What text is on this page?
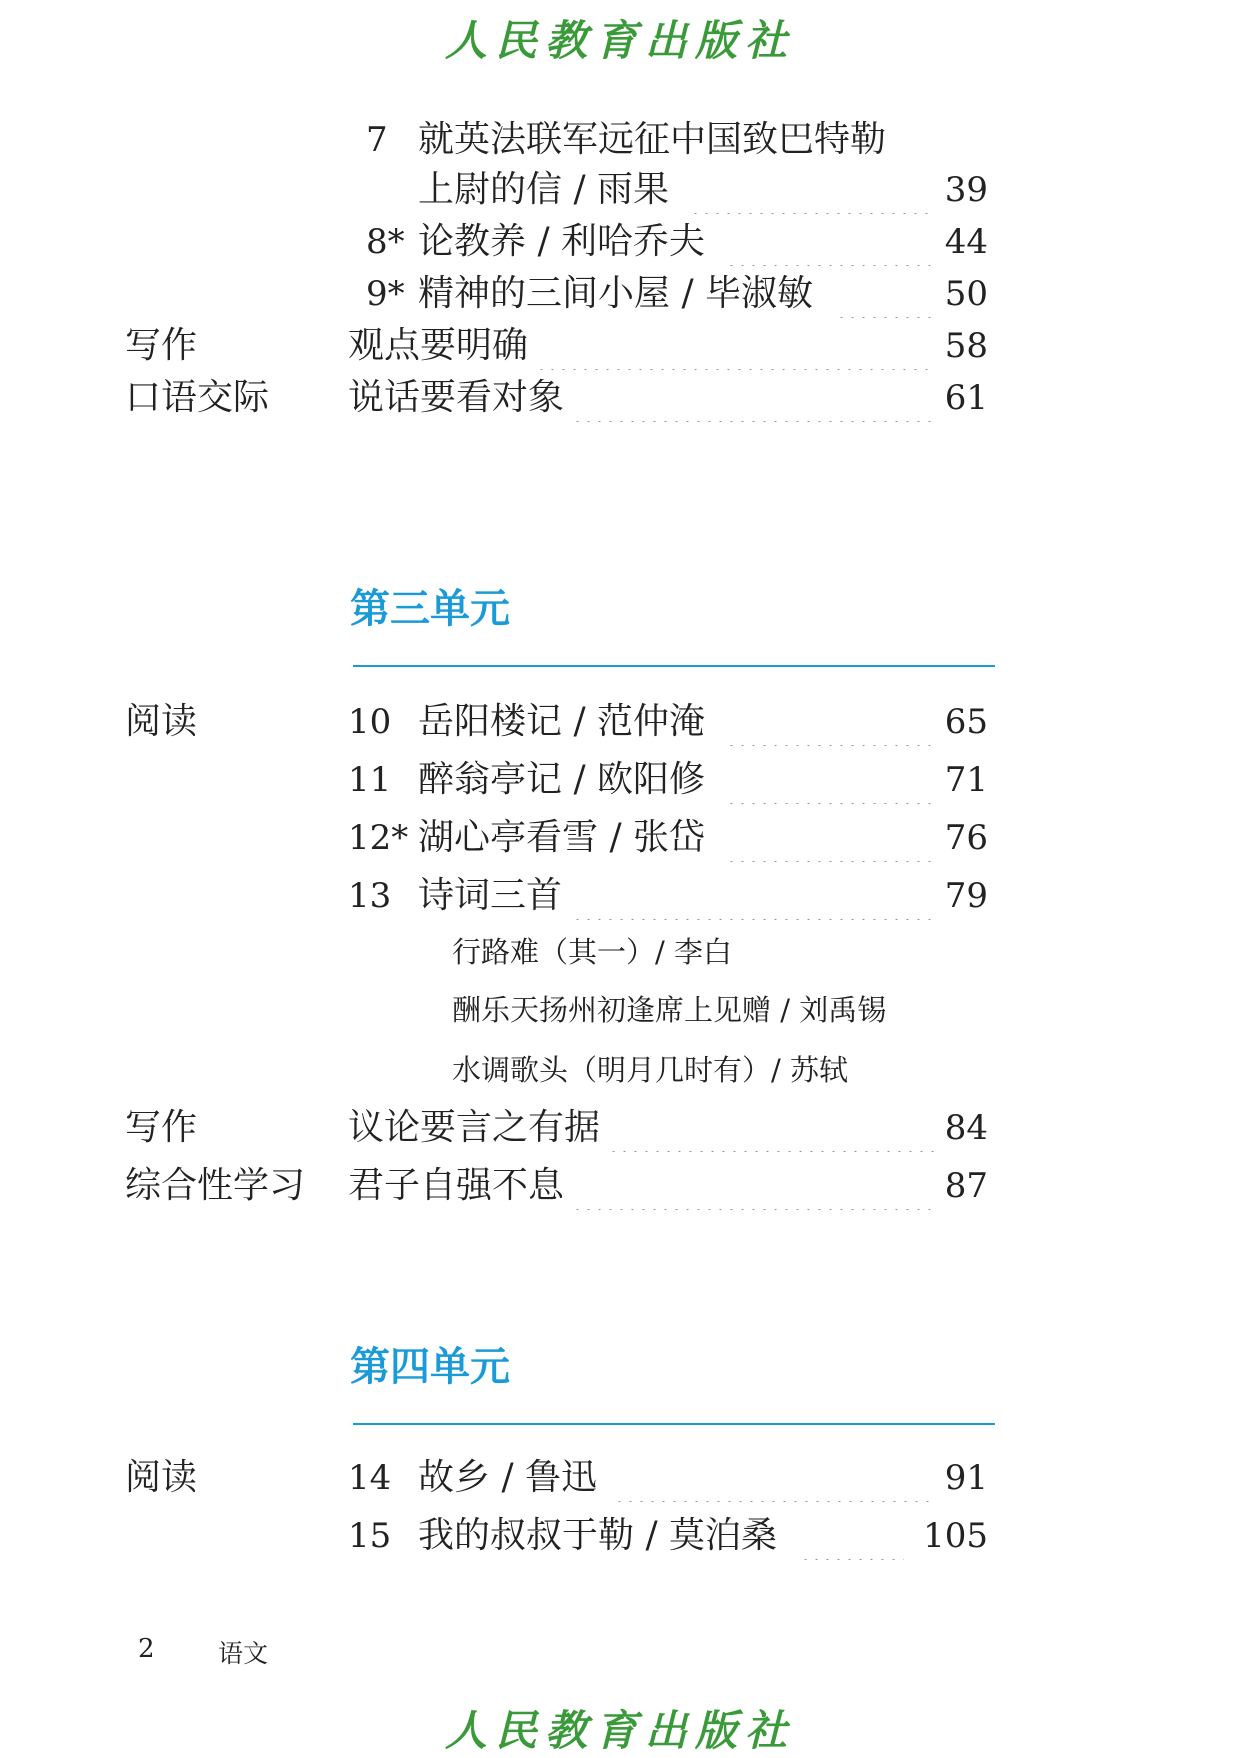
人民教育出版社
7 就英法联军远征中国致巴特勒
上尉的信 / 雨果	39
8* 论教养 / 利哈乔夫	44
9* 精神的三间小屋 / 毕淑敏	50
写作	观点要明确	58
口语交际 说话要看对象	61
第三单元
阅读	10 岳阳楼记 / 范仲淹	65
11 醉翁亭记 / 欧阳修	71
12* 湖心亭看雪 / 张岱	76
13 诗词三首	79
行路难（其一）/ 李白
酬乐天扬州初逢席上见赠 / 刘禹锡
水调歌头（明月几时有）/ 苏轼
写作	议论要言之有据	84
综合性学习 君子自强不息	87
第四单元
阅读	14 故乡 / 鲁迅	91
15 我的叔叔于勒 / 莫泊桑	105
2	语文
人民教育出版社
